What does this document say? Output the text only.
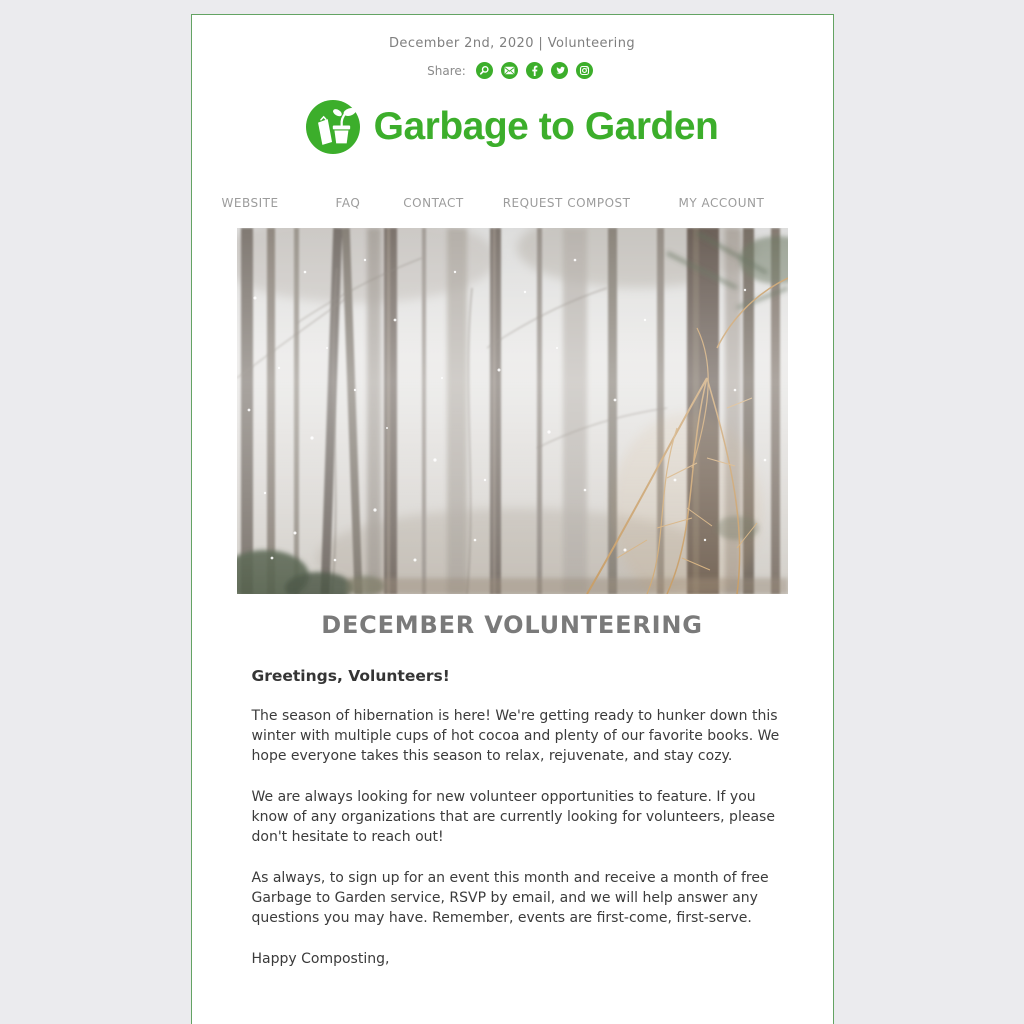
December 2nd, 2020 | Volunteering
Share:
Garbage to Garden
WEBSITE	FAQ	CONTACT	REQUEST COMPOST	MY ACCOUNT
DECEMBER VOLUNTEERING

Greetings, Volunteers!

The season of hibernation is here! We're getting ready to hunker down this winter with multiple cups of hot cocoa and plenty of our favorite books. We hope everyone takes this season to relax, rejuvenate, and stay cozy.

We are always looking for new volunteer opportunities to feature. If you know of any organizations that are currently looking for volunteers, please don't hesitate to reach out!

As always, to sign up for an event this month and receive a month of free Garbage to Garden service, RSVP by email, and we will help answer any questions you may have. Remember, events are first-come, first-serve.

Happy Composting,
